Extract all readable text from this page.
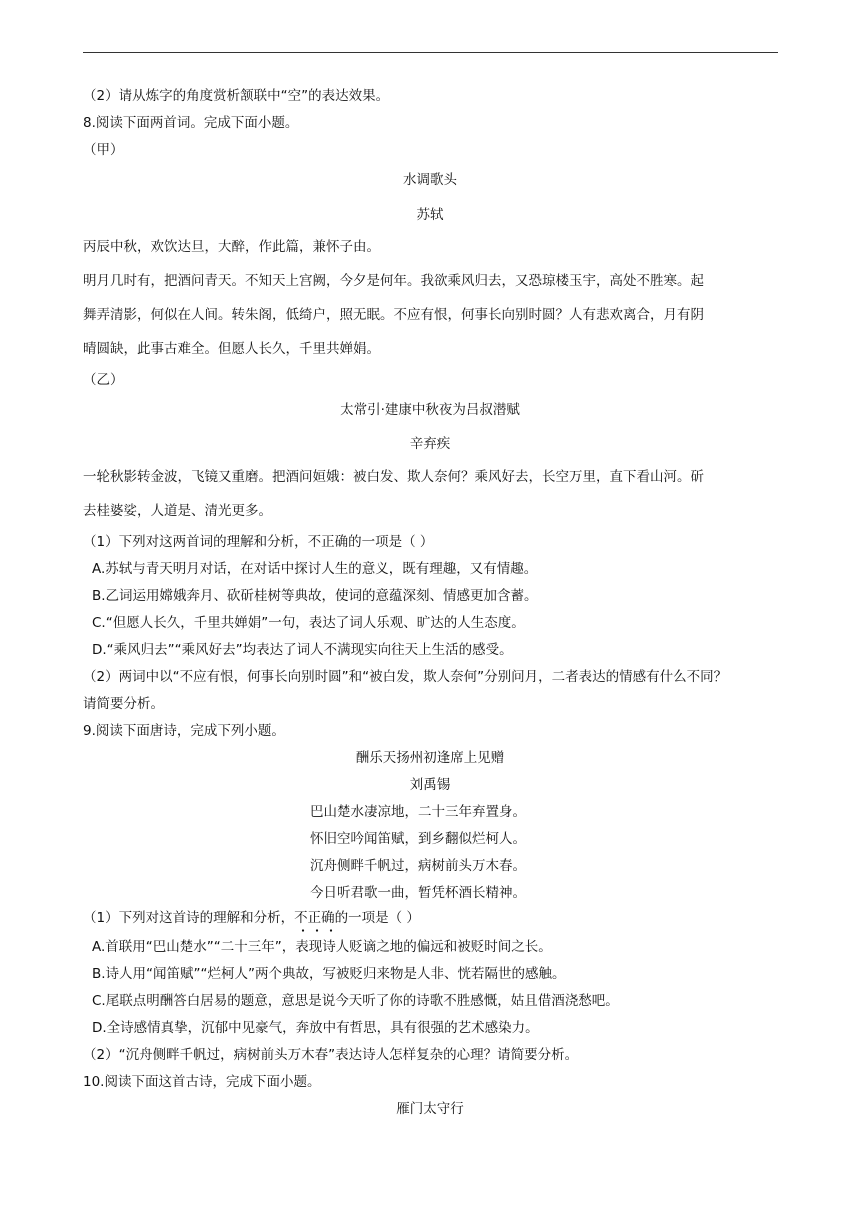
（2）请从炼字的角度赏析颔联中“空”的表达效果。
8.阅读下面两首词。完成下面小题。
（甲）
水调歌头
苏轼
丙辰中秋，欢饮达旦，大醉，作此篇，兼怀子由。
明月几时有，把酒问青天。不知天上宫阙，今夕是何年。我欲乘风归去，又恐琼楼玉宇，高处不胜寒。起
舞弄清影，何似在人间。转朱阁，低绮户，照无眠。不应有恨，何事长向别时圆？人有悲欢离合，月有阴
晴圆缺，此事古难全。但愿人长久，千里共婵娟。
（乙）
太常引·建康中秋夜为吕叔潜赋
辛弃疾
一轮秋影转金波，飞镜又重磨。把酒问姮娥：被白发、欺人奈何？乘风好去，长空万里，直下看山河。斫
去桂婆娑，人道是、清光更多。
（1）下列对这两首词的理解和分析，不正确的一项是（ ）
A.苏轼与青天明月对话，在对话中探讨人生的意义，既有理趣，又有情趣。
B.乙词运用嫦娥奔月、砍斫桂树等典故，使词的意蕴深刻、情感更加含蓄。
C.“但愿人长久，千里共婵娟”一句，表达了词人乐观、旷达的人生态度。
D.“乘风归去”“乘风好去”均表达了词人不满现实向往天上生活的感受。
（2）两词中以“不应有恨，何事长向别时圆”和“被白发，欺人奈何”分别问月，二者表达的情感有什么不同？
请简要分析。
9.阅读下面唐诗，完成下列小题。
酬乐天扬州初逢席上见赠
刘禹锡
巴山楚水凄凉地，二十三年弃置身。
怀旧空吟闻笛赋，到乡翻似烂柯人。
沉舟侧畔千帆过，病树前头万木春。
今日听君歌一曲，暂凭杯酒长精神。
（1）下列对这首诗的理解和分析，不正确的一项是（ ）
A.首联用“巴山楚水”“二十三年”，表现诗人贬谪之地的偏远和被贬时间之长。
B.诗人用“闻笛赋”“烂柯人”两个典故，写被贬归来物是人非、恍若隔世的感触。
C.尾联点明酬答白居易的题意，意思是说今天听了你的诗歌不胜感慨，姑且借酒浇愁吧。
D.全诗感情真挚，沉郁中见豪气，奔放中有哲思，具有很强的艺术感染力。
（2）“沉舟侧畔千帆过，病树前头万木春”表达诗人怎样复杂的心理？请简要分析。
10.阅读下面这首古诗，完成下面小题。
雁门太守行
